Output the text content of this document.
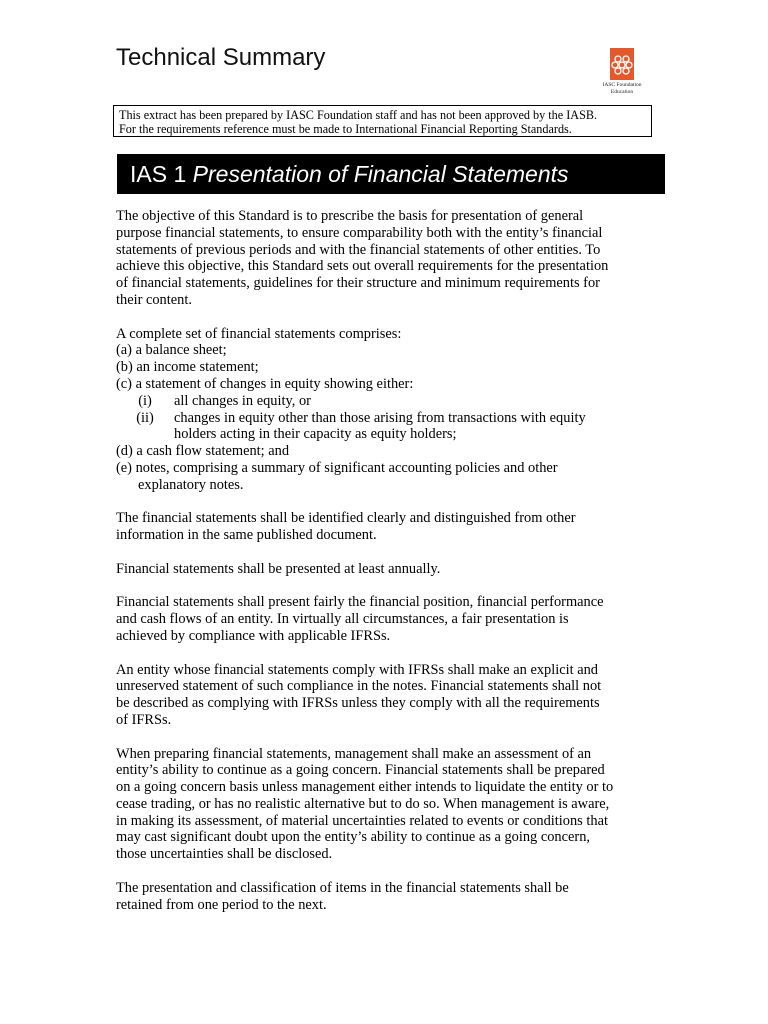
Technical Summary
IASC Foundation
Education
This extract has been prepared by IASC Foundation staff and has not been approved by the IASB.
For the requirements reference must be made to International Financial Reporting Standards.
IAS 1 Presentation of Financial Statements

The objective of this Standard is to prescribe the basis for presentation of general
purpose financial statements, to ensure comparability both with the entity’s financial
statements of previous periods and with the financial statements of other entities. To
achieve this objective, this Standard sets out overall requirements for the presentation
of financial statements, guidelines for their structure and minimum requirements for
their content.

A complete set of financial statements comprises:
(a) a balance sheet;
(b) an income statement;
(c) a statement of changes in equity showing either:
(i)	all changes in equity, or
(ii)	changes in equity other than those arising from transactions with equity
holders acting in their capacity as equity holders;
(d) a cash flow statement; and
(e) notes, comprising a summary of significant accounting policies and other
explanatory notes.

The financial statements shall be identified clearly and distinguished from other
information in the same published document.

Financial statements shall be presented at least annually.

Financial statements shall present fairly the financial position, financial performance
and cash flows of an entity. In virtually all circumstances, a fair presentation is
achieved by compliance with applicable IFRSs.

An entity whose financial statements comply with IFRSs shall make an explicit and
unreserved statement of such compliance in the notes. Financial statements shall not
be described as complying with IFRSs unless they comply with all the requirements
of IFRSs.

When preparing financial statements, management shall make an assessment of an
entity’s ability to continue as a going concern. Financial statements shall be prepared
on a going concern basis unless management either intends to liquidate the entity or to
cease trading, or has no realistic alternative but to do so. When management is aware,
in making its assessment, of material uncertainties related to events or conditions that
may cast significant doubt upon the entity’s ability to continue as a going concern,
those uncertainties shall be disclosed.

The presentation and classification of items in the financial statements shall be
retained from one period to the next.
